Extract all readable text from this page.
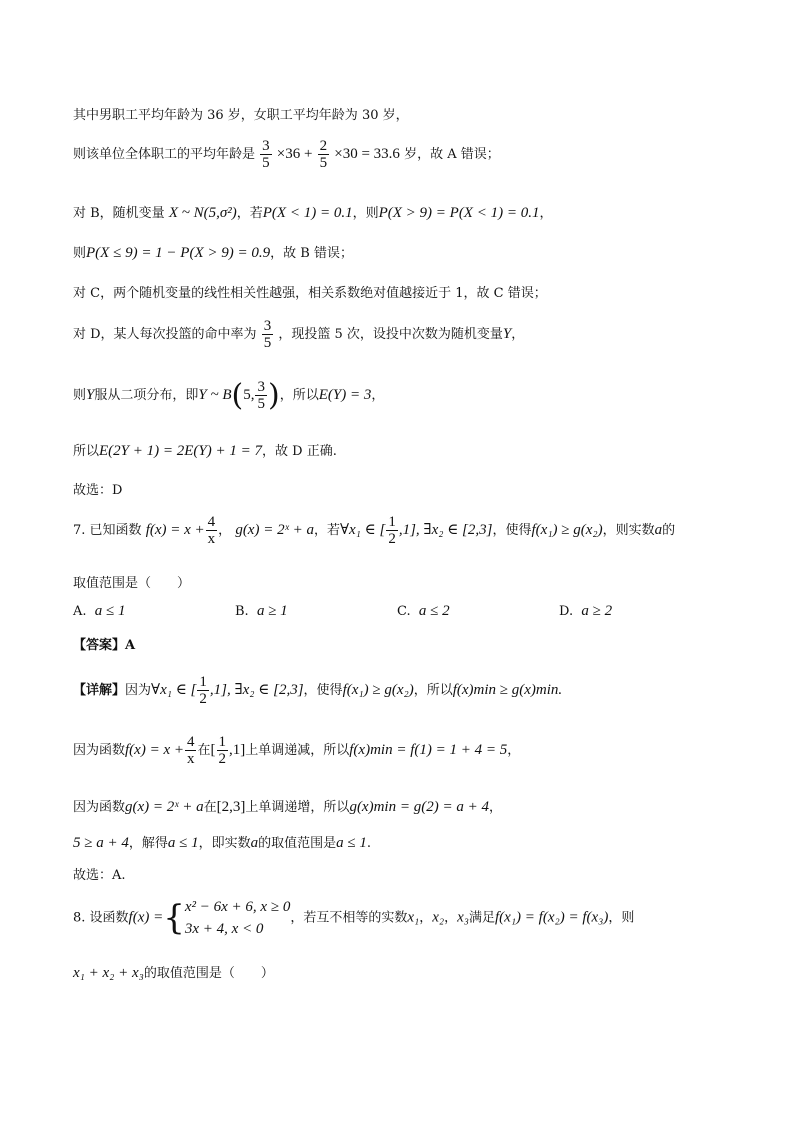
其中男职工平均年龄为 36 岁，女职工平均年龄为 30 岁，
则该单位全体职工的平均年龄是 $\frac{3}{5} \times 36 + \frac{2}{5} \times 30 = 33.6$ 岁，故 A 错误；
对 B，随机变量 X ~ N(5,σ²)，若P(X < 1) = 0.1，则P(X > 9) = P(X < 1) = 0.1，
则P(X ≤ 9) = 1 − P(X > 9) = 0.9，故 B 错误；
对 C，两个随机变量的线性相关性越强，相关系数绝对值越接近于 1，故 C 错误；
对 D，某人每次投篮的命中率为 $\frac{3}{5}$ ，现投篮 5 次，设投中次数为随机变量Y，
则Y服从二项分布，即Y ~ B(5, $\frac{3}{5}$ )，所以E(Y) = 3，
所以E(2Y + 1) = 2E(Y) + 1 = 7，故 D 正确.
故选：D
7. 已知函数 $f(x) = x + \frac{4}{x}$ ， g(x) = 2ˣ + a，若∀x₁ ∈ [ $\frac{1}{2} ,1$], ∃x₂ ∈ [2,3]，使得f(x₁) ≥ g(x₂)，则实数a的
取值范围是（　　）
A. a ≤ 1	B. a ≥ 1	C. a ≤ 2	D. a ≥ 2
【答案】A
【详解】因为∀x₁ ∈ [ $\frac{1}{2} ,1$], ∃x₂ ∈ [2,3]，使得f(x₁) ≥ g(x₂)，所以f(x)min ≥ g(x)min.
因为函数$f(x) = x + \frac{4}{x}$ 在[ $\frac{1}{2} ,1$]上单调递减，所以f(x)min = f(1) = 1 + 4 = 5，
因为函数g(x) = 2ˣ + a在[2,3]上单调递增，所以g(x)min = g(2) = a + 4，
5 ≥ a + 4，解得a ≤ 1，即实数a的取值范围是a ≤ 1.
故选：A.
8. 设函数f(x) ={ x² − 6x + 6, x ≥ 0
3x + 4, x < 0
，若互不相等的实数x₁，x₂，x₃满足f(x₁) = f(x₂) = f(x₃)，则
x₁ + x₂ + x₃的取值范围是（　　）
